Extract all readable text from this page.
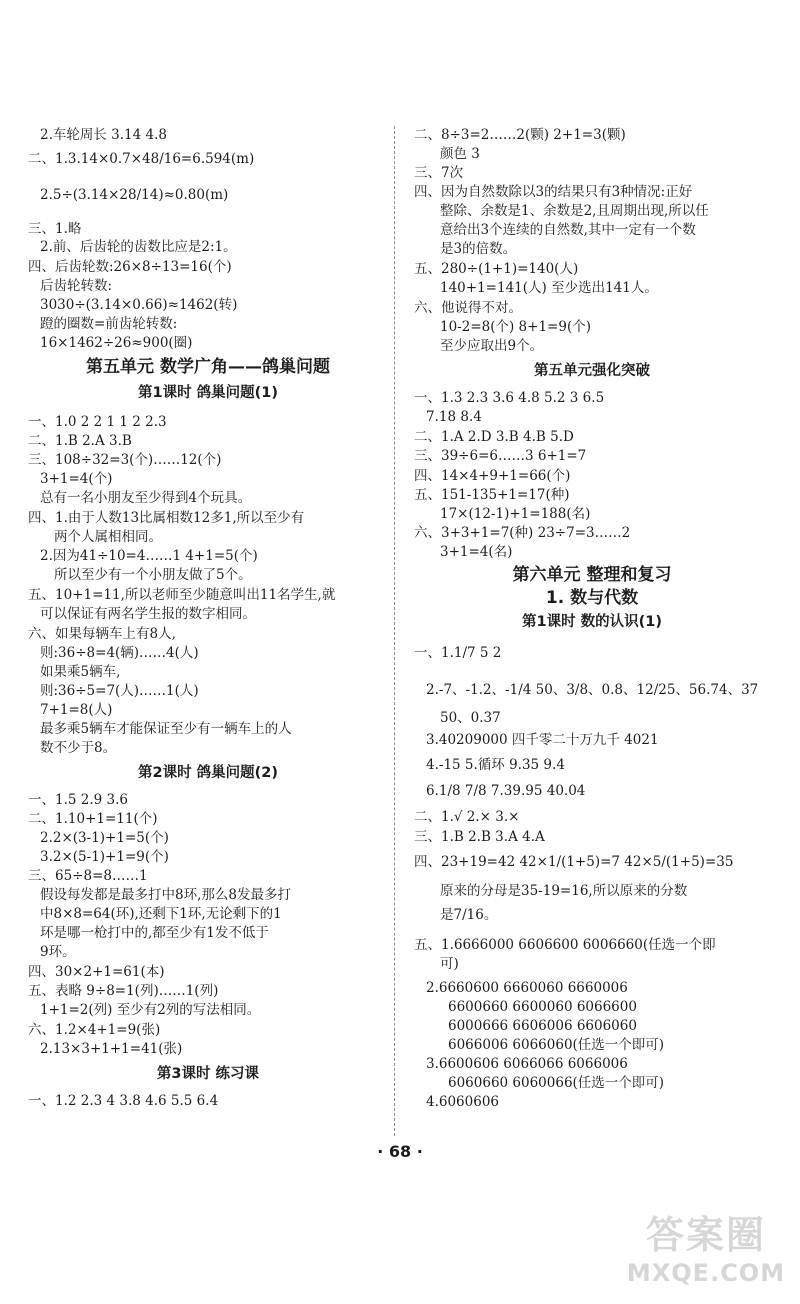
2.车轮周长 3.14 4.8
二、1.3.14×0.7×48/16=6.594(m)
2.5÷(3.14×28/14)≈0.80(m)
三、1.略
2.前、后齿轮的齿数比应是2:1。
四、后齿轮数:26×8÷13=16(个)
后齿轮转数:
3030÷(3.14×0.66)≈1462(转)
蹬的圈数=前齿轮转数:
16×1462÷26≈900(圈)
第五单元 数学广角——鸽巢问题
第1课时 鸽巢问题(1)
一、1.0 2 2 1 1 2 2.3
二、1.B 2.A 3.B
三、108÷32=3(个)……12(个)
3+1=4(个)
总有一名小朋友至少得到4个玩具。
四、1.由于人数13比属相数12多1,所以至少有
两个人属相相同。
2.因为41÷10=4……1 4+1=5(个)
所以至少有一个小朋友做了5个。
五、10+1=11,所以老师至少随意叫出11名学生,就
可以保证有两名学生报的数字相同。
六、如果每辆车上有8人,
则:36÷8=4(辆)……4(人)
如果乘5辆车,
则:36÷5=7(人)……1(人)
7+1=8(人)
最多乘5辆车才能保证至少有一辆车上的人
数不少于8。
第2课时 鸽巢问题(2)
一、1.5 2.9 3.6
二、1.10+1=11(个)
2.2×(3-1)+1=5(个)
3.2×(5-1)+1=9(个)
三、65÷8=8……1
假设每发都是最多打中8环,那么8发最多打
中8×8=64(环),还剩下1环,无论剩下的1
环是哪一枪打中的,都至少有1发不低于
9环。
四、30×2+1=61(本)
五、表略 9÷8=1(列)……1(列)
1+1=2(列) 至少有2列的写法相同。
六、1.2×4+1=9(张)
2.13×3+1+1=41(张)
第3课时 练习课
一、1.2 2.3 4 3.8 4.6 5.5 6.4
二、8÷3=2……2(颗) 2+1=3(颗)
颜色 3
三、7次
四、因为自然数除以3的结果只有3种情况:正好
整除、余数是1、余数是2,且周期出现,所以任
意给出3个连续的自然数,其中一定有一个数
是3的倍数。
五、280÷(1+1)=140(人)
140+1=141(人) 至少选出141人。
六、他说得不对。
10-2=8(个) 8+1=9(个)
至少应取出9个。
第五单元强化突破
一、1.3 2.3 3.6 4.8 5.2 3 6.5
7.18 8.4
二、1.A 2.D 3.B 4.B 5.D
三、39÷6=6……3 6+1=7
四、14×4+9+1=66(个)
五、151-135+1=17(种)
17×(12-1)+1=188(名)
六、3+3+1=7(种) 23÷7=3……2
3+1=4(名)
第六单元 整理和复习
1. 数与代数
第1课时 数的认识(1)
一、1.1/7 5 2
2.-7、-1.2、-1/4 50、3/8、0.8、12/25、56.74、37
50、0.37
3.40209000 四千零二十万九千 4021
4.-15 5.循环 9.35 9.4
6.1/8 7/8 7.39.95 40.04
二、1.√ 2.× 3.×
三、1.B 2.B 3.A 4.A
四、23+19=42 42×1/(1+5)=7 42×5/(1+5)=35
原来的分母是35-19=16,所以原来的分数
是7/16。
五、1.6666000 6606600 6006660(任选一个即
可)
2.6660600 6660060 6660006
6600660 6600060 6066600
6000666 6606006 6606060
6066006 6066060(任选一个即可)
3.6600606 6066066 6066006
6060660 6060066(任选一个即可)
4.6060606
· 68 ·
答案圈
MXQE.COM
